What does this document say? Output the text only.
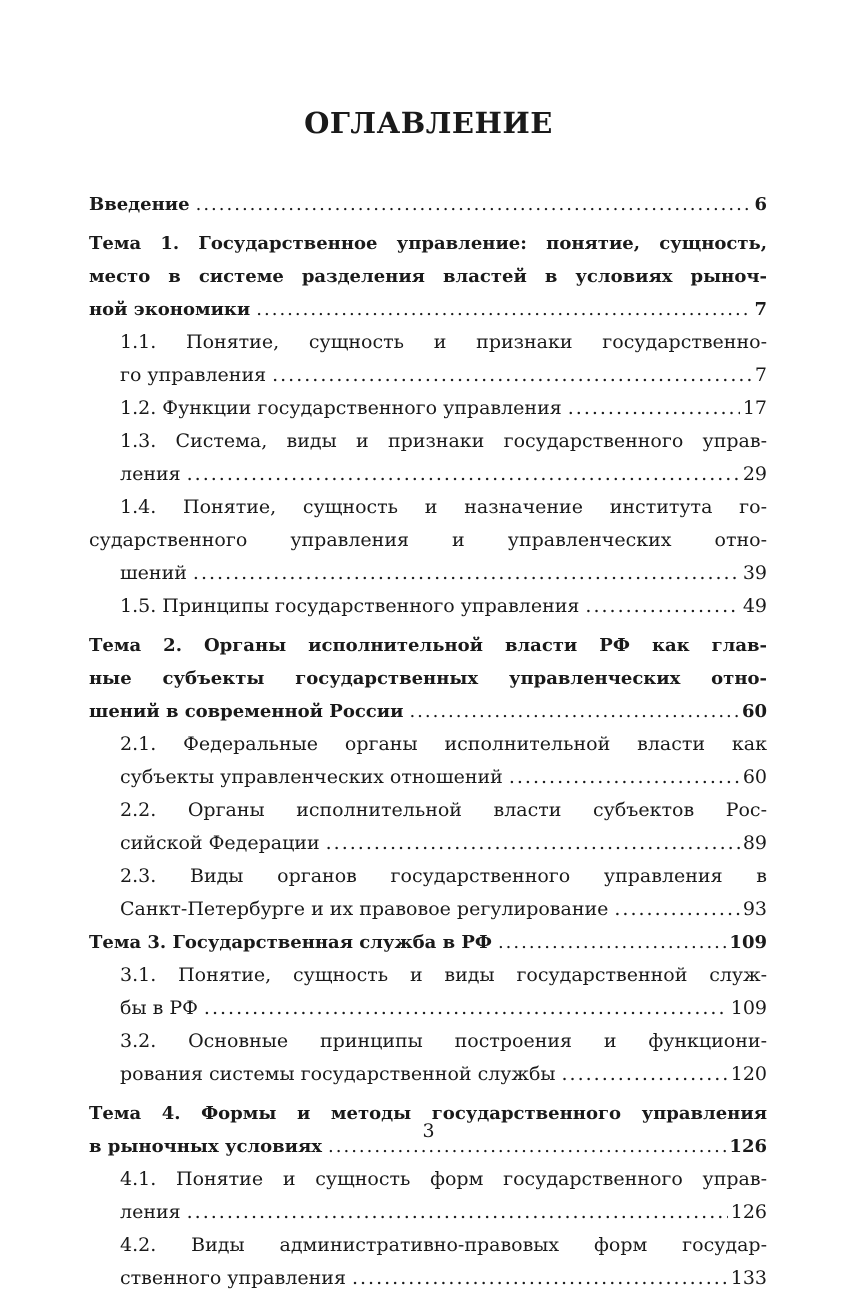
ОГЛАВЛЕНИЕ
Введение .....	6
Тема 1. Государственное управление: понятие, сущность,
место в системе разделения властей в условиях рыноч-
ной экономики .....	7
1.1. Понятие, сущность и признаки государственно-
го управления .....	7
1.2. Функции государственного управления .....	17
1.3. Система, виды и признаки государственного управ-
ления .....	29
1.4. Понятие, сущность и назначение института го-
сударственного управления и управленческих отно-
шений .....	39
1.5. Принципы государственного управления .....	49
Тема 2. Органы исполнительной власти РФ как глав-
ные субъекты государственных управленческих отно-
шений в современной России .....	60
2.1. Федеральные органы исполнительной власти как
субъекты управленческих отношений .....	60
2.2. Органы исполнительной власти субъектов Рос-
сийской Федерации .....	89
2.3. Виды органов государственного управления в
Санкт-Петербурге и их правовое регулирование .....	93
Тема 3. Государственная служба в РФ .....	109
3.1. Понятие, сущность и виды государственной служ-
бы в РФ .....	109
3.2. Основные принципы построения и функциони-
рования системы государственной службы .....	120
Тема 4. Формы и методы государственного управления
в рыночных условиях .....	126
4.1. Понятие и сущность форм государственного управ-
ления .....	126
4.2. Виды административно-правовых форм государ-
ственного управления .....	133
3
